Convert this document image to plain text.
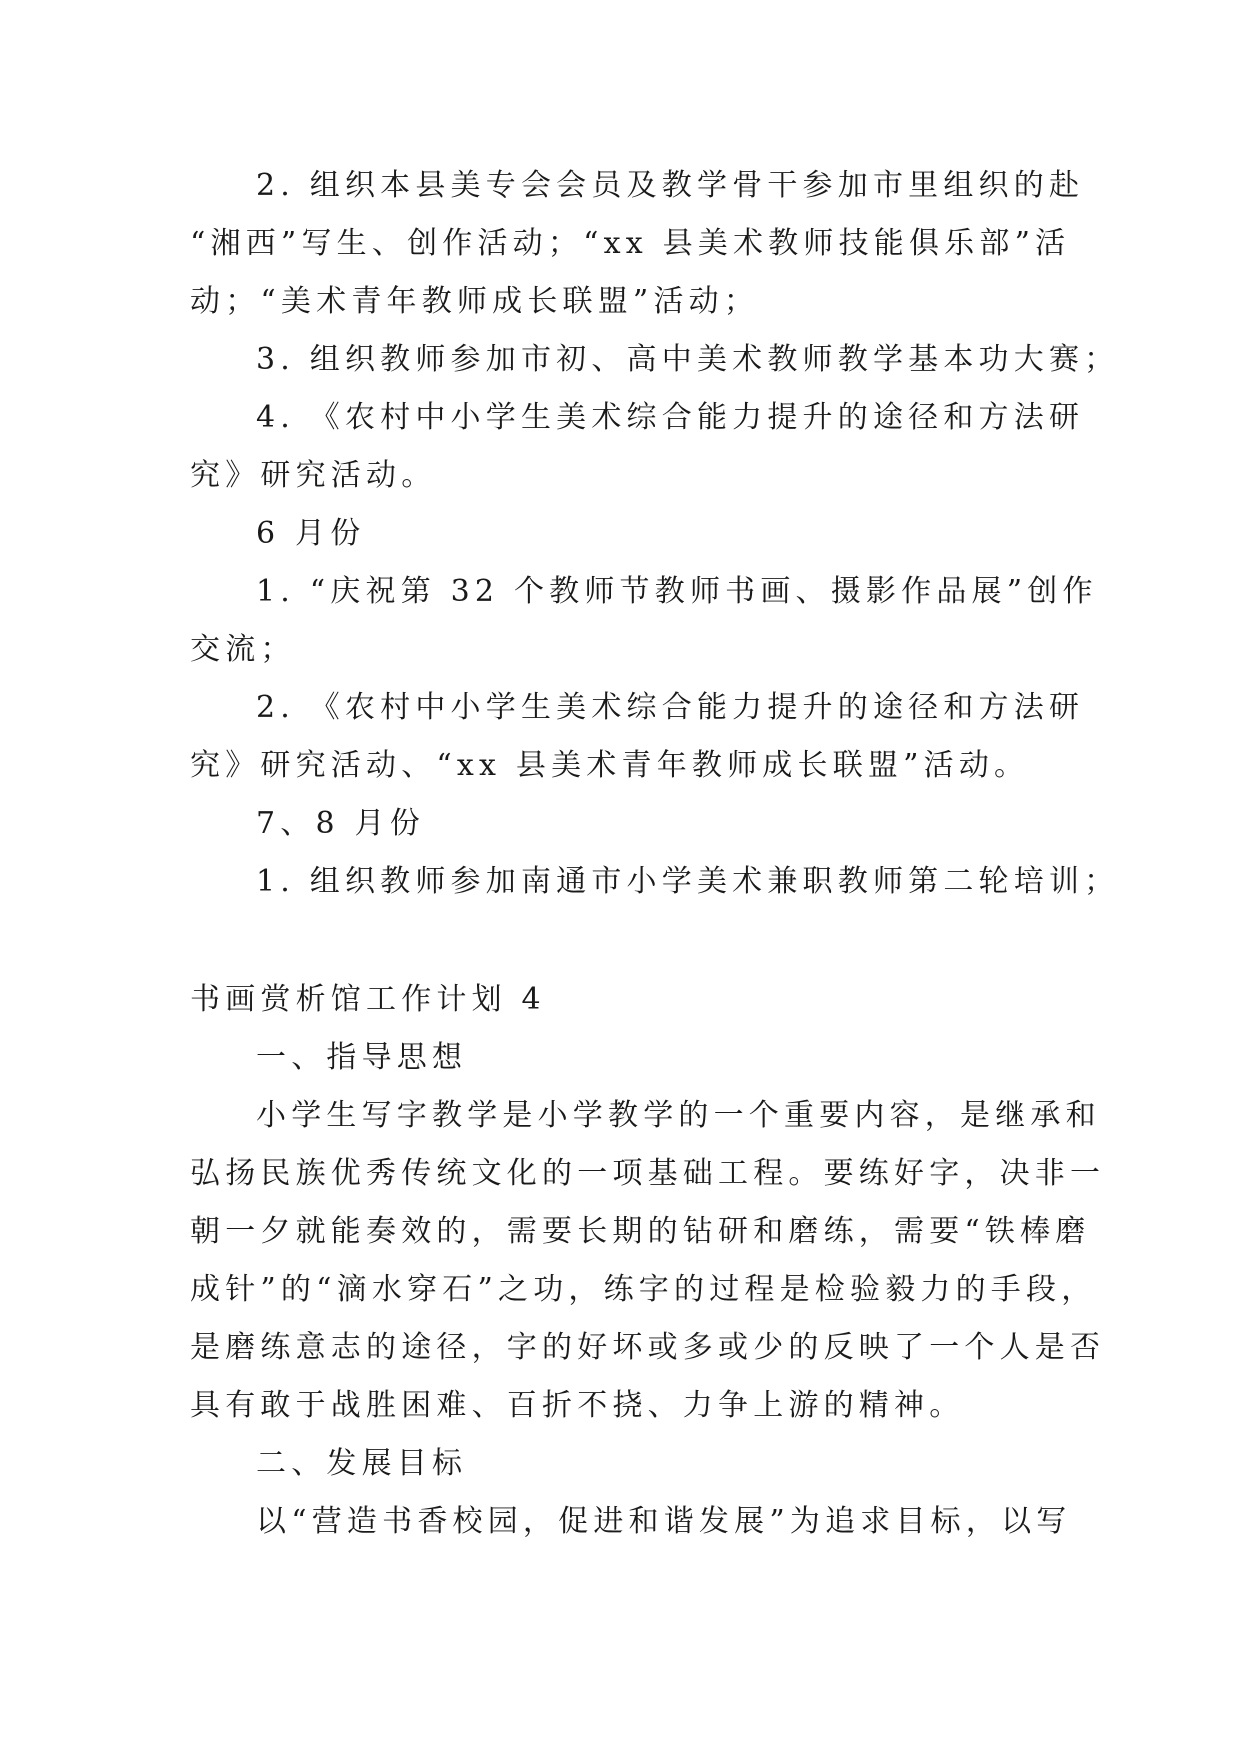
2. 组织本县美专会会员及教学骨干参加市里组织的赴
“湘西”写生、创作活动；“xx 县美术教师技能俱乐部”活
动；“美术青年教师成长联盟”活动；
3. 组织教师参加市初、高中美术教师教学基本功大赛；
4. 《农村中小学生美术综合能力提升的途径和方法研
究》研究活动。
6 月份
1. “庆祝第 32 个教师节教师书画、摄影作品展”创作
交流；
2. 《农村中小学生美术综合能力提升的途径和方法研
究》研究活动、“xx 县美术青年教师成长联盟”活动。
7、8 月份
1. 组织教师参加南通市小学美术兼职教师第二轮培训；
书画赏析馆工作计划 4
一、指导思想
小学生写字教学是小学教学的一个重要内容，是继承和
弘扬民族优秀传统文化的一项基础工程。要练好字，决非一
朝一夕就能奏效的，需要长期的钻研和磨练，需要“铁棒磨
成针”的“滴水穿石”之功，练字的过程是检验毅力的手段，
是磨练意志的途径，字的好坏或多或少的反映了一个人是否
具有敢于战胜困难、百折不挠、力争上游的精神。
二、发展目标
以“营造书香校园，促进和谐发展”为追求目标，以写
